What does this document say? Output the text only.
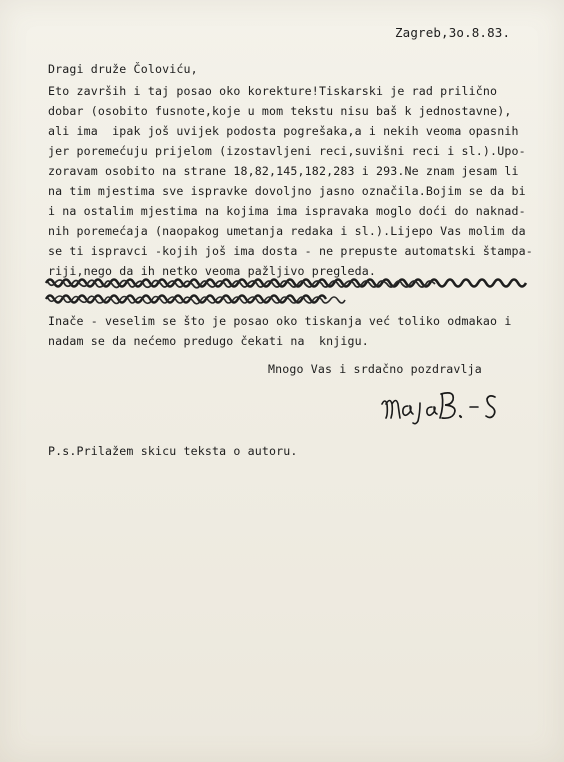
Zagreb,3o.8.83.
Dragi druže Čoloviću,
Eto završih i taj posao oko korekture!Tiskarski je rad prilično
dobar (osobito fusnote,koje u mom tekstu nisu baš k jednostavne),
ali ima  ipak još uvijek podosta pogrešaka,a i nekih veoma opasnih
jer poremećuju prijelom (izostavljeni reci,suvišni reci i sl.).Upo-
zoravam osobito na strane 18,82,145,182,283 i 293.Ne znam jesam li
na tim mjestima sve ispravke dovoljno jasno označila.Bojim se da bi
i na ostalim mjestima na kojima ima ispravaka moglo doći do naknad-
nih poremećaja (naopakog umetanja redaka i sl.).Lijepo Vas molim da
se ti ispravci -kojih još ima dosta - ne prepuste automatski štampa-
riji,nego da ih netko veoma pažljivo pregleda.
Inače - veselim se što je posao oko tiskanja već toliko odmakao i
nadam se da nećemo predugo čekati na  knjigu.
Mnogo Vas i srdačno pozdravlja
P.s.Prilažem skicu teksta o autoru.
